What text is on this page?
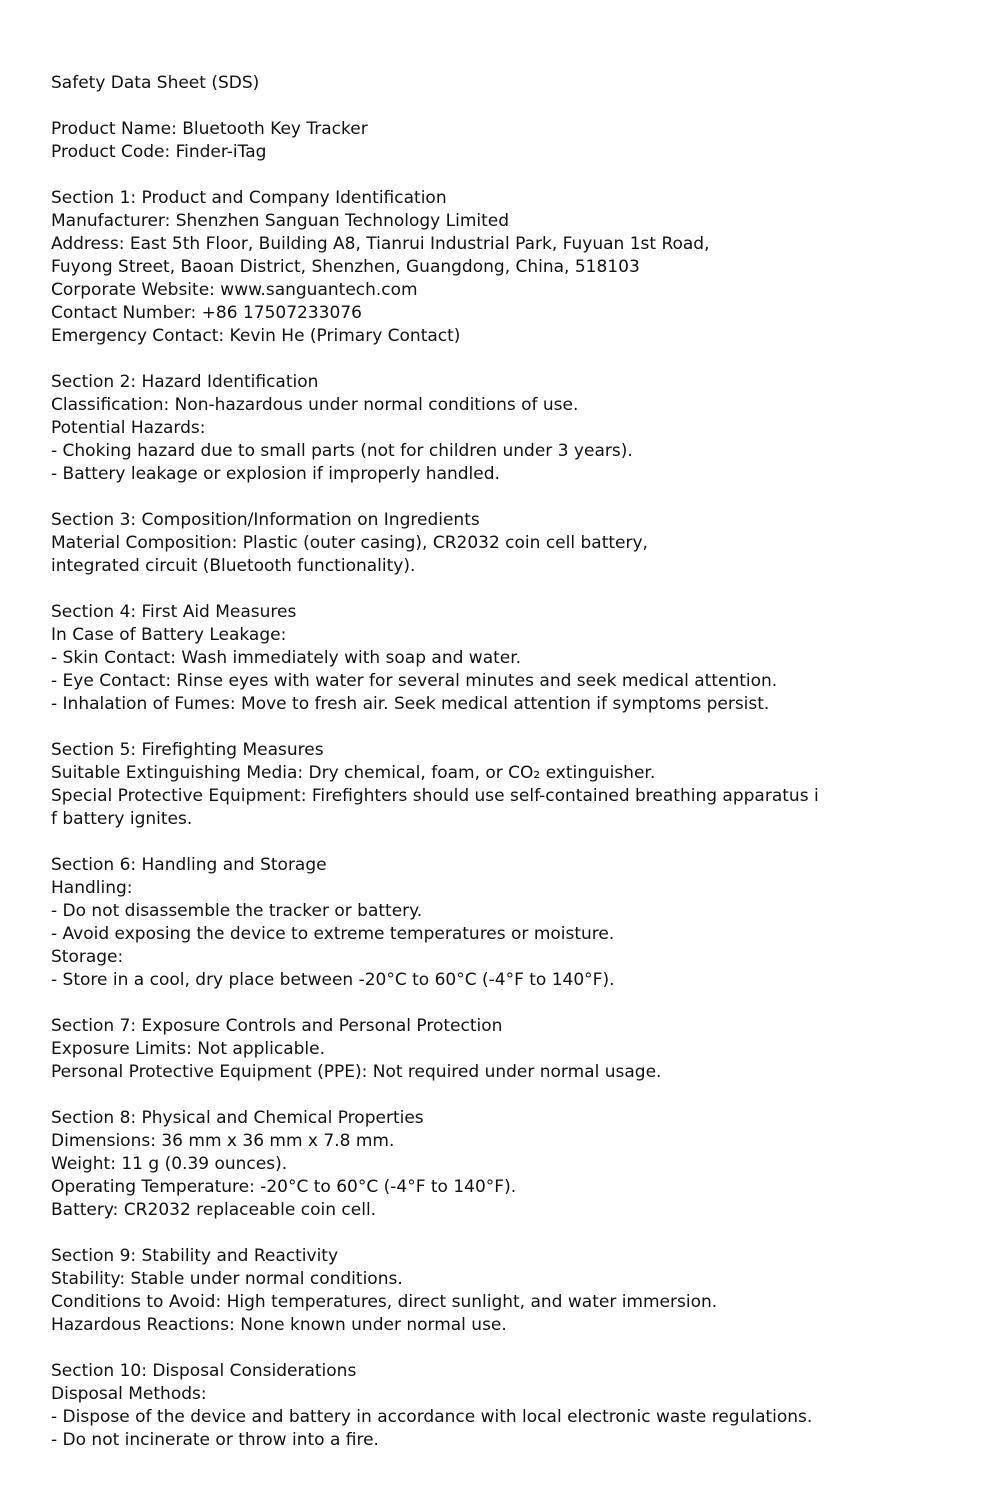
Safety Data Sheet (SDS)
Product Name: Bluetooth Key Tracker
Product Code: Finder-iTag
Section 1: Product and Company Identification
Manufacturer: Shenzhen Sanguan Technology Limited
Address: East 5th Floor, Building A8, Tianrui Industrial Park, Fuyuan 1st Road,
Fuyong Street, Baoan District, Shenzhen, Guangdong, China, 518103
Corporate Website: www.sanguantech.com
Contact Number: +86 17507233076
Emergency Contact: Kevin He (Primary Contact)
Section 2: Hazard Identification
Classification: Non-hazardous under normal conditions of use.
Potential Hazards:
- Choking hazard due to small parts (not for children under 3 years).
- Battery leakage or explosion if improperly handled.
Section 3: Composition/Information on Ingredients
Material Composition: Plastic (outer casing), CR2032 coin cell battery,
integrated circuit (Bluetooth functionality).
Section 4: First Aid Measures
In Case of Battery Leakage:
- Skin Contact: Wash immediately with soap and water.
- Eye Contact: Rinse eyes with water for several minutes and seek medical attention.
- Inhalation of Fumes: Move to fresh air. Seek medical attention if symptoms persist.
Section 5: Firefighting Measures
Suitable Extinguishing Media: Dry chemical, foam, or CO₂ extinguisher.
Special Protective Equipment: Firefighters should use self-contained breathing apparatus i
f battery ignites.
Section 6: Handling and Storage
Handling:
- Do not disassemble the tracker or battery.
- Avoid exposing the device to extreme temperatures or moisture.
Storage:
- Store in a cool, dry place between -20°C to 60°C (-4°F to 140°F).
Section 7: Exposure Controls and Personal Protection
Exposure Limits: Not applicable.
Personal Protective Equipment (PPE): Not required under normal usage.
Section 8: Physical and Chemical Properties
Dimensions: 36 mm x 36 mm x 7.8 mm.
Weight: 11 g (0.39 ounces).
Operating Temperature: -20°C to 60°C (-4°F to 140°F).
Battery: CR2032 replaceable coin cell.
Section 9: Stability and Reactivity
Stability: Stable under normal conditions.
Conditions to Avoid: High temperatures, direct sunlight, and water immersion.
Hazardous Reactions: None known under normal use.
Section 10: Disposal Considerations
Disposal Methods:
- Dispose of the device and battery in accordance with local electronic waste regulations.
- Do not incinerate or throw into a fire.
